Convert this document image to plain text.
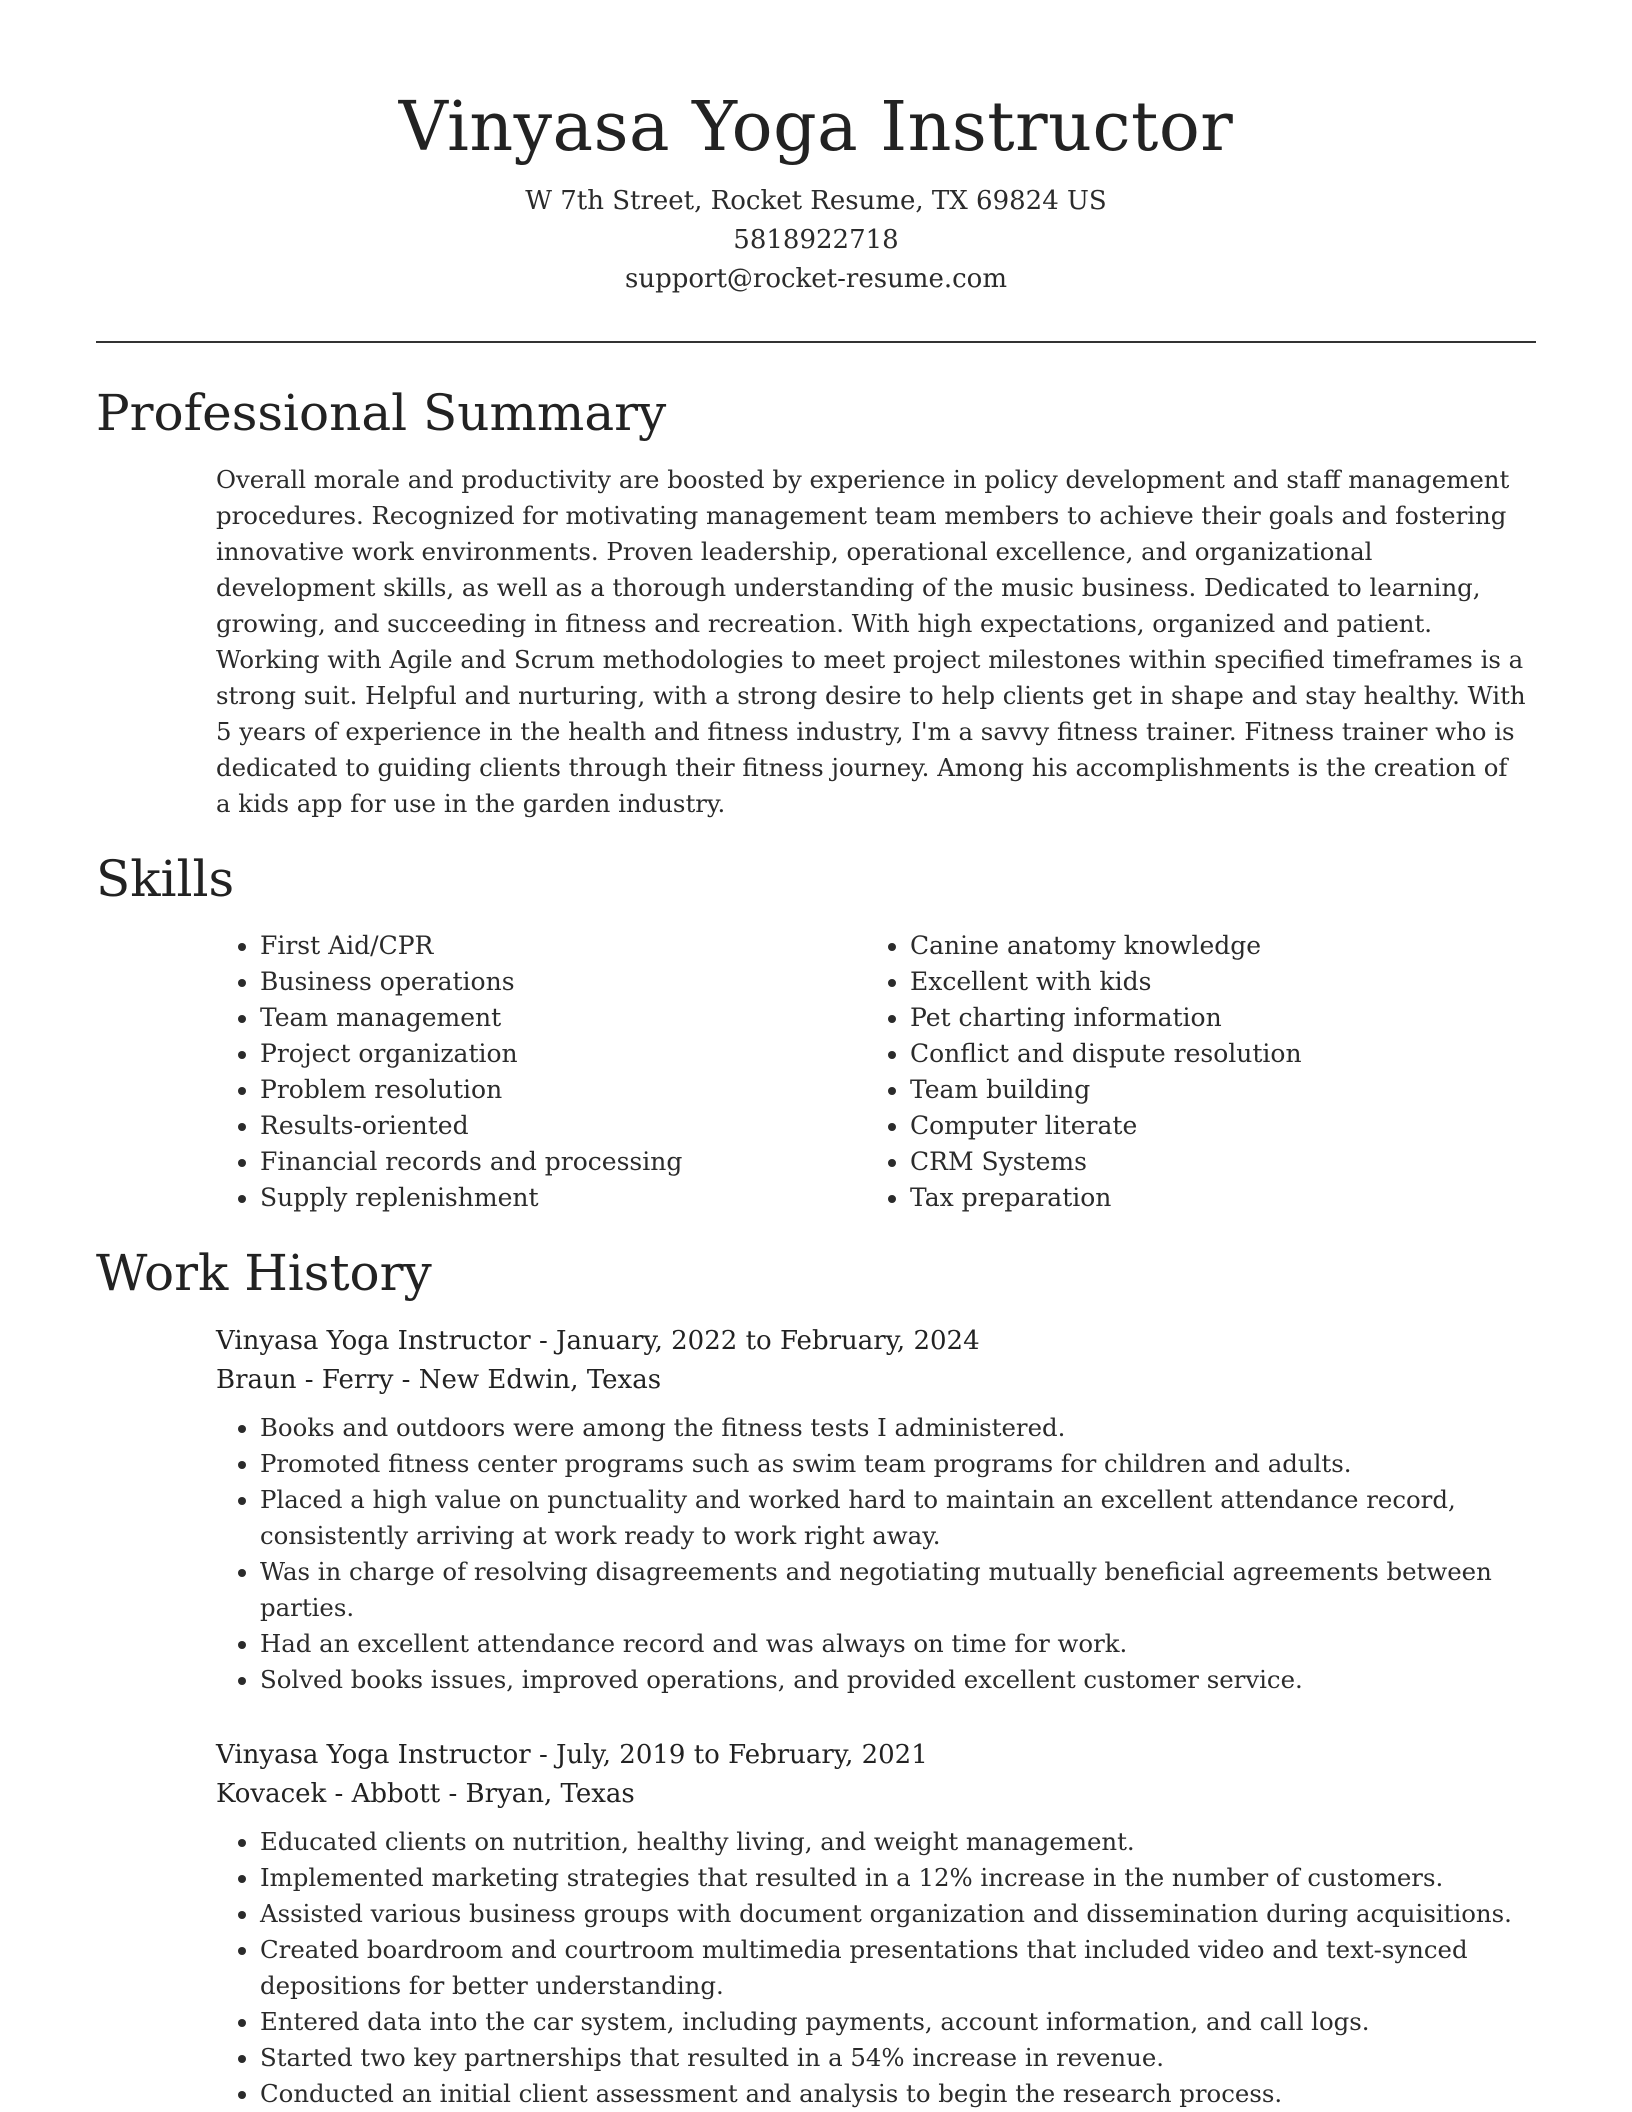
Vinyasa Yoga Instructor
W 7th Street, Rocket Resume, TX 69824 US
5818922718
support@rocket-resume.com
Professional Summary

Overall morale and productivity are boosted by experience in policy development and staff management procedures. Recognized for motivating management team members to achieve their goals and fostering innovative work environments. Proven leadership, operational excellence, and organizational development skills, as well as a thorough understanding of the music business. Dedicated to learning, growing, and succeeding in fitness and recreation. With high expectations, organized and patient. Working with Agile and Scrum methodologies to meet project milestones within specified timeframes is a strong suit. Helpful and nurturing, with a strong desire to help clients get in shape and stay healthy. With 5 years of experience in the health and fitness industry, I'm a savvy fitness trainer. Fitness trainer who is dedicated to guiding clients through their fitness journey. Among his accomplishments is the creation of a kids app for use in the garden industry.

Skills
• First Aid/CPR
• Business operations
• Team management
• Project organization
• Problem resolution
• Results-oriented
• Financial records and processing
• Supply replenishment
• Canine anatomy knowledge
• Excellent with kids
• Pet charting information
• Conflict and dispute resolution
• Team building
• Computer literate
• CRM Systems
• Tax preparation
Work History
Vinyasa Yoga Instructor - January, 2022 to February, 2024
Braun - Ferry - New Edwin, Texas
• Books and outdoors were among the fitness tests I administered.
• Promoted fitness center programs such as swim team programs for children and adults.
• Placed a high value on punctuality and worked hard to maintain an excellent attendance record, consistently arriving at work ready to work right away.
• Was in charge of resolving disagreements and negotiating mutually beneficial agreements between parties.
• Had an excellent attendance record and was always on time for work.
• Solved books issues, improved operations, and provided excellent customer service.
Vinyasa Yoga Instructor - July, 2019 to February, 2021
Kovacek - Abbott - Bryan, Texas
• Educated clients on nutrition, healthy living, and weight management.
• Implemented marketing strategies that resulted in a 12% increase in the number of customers.
• Assisted various business groups with document organization and dissemination during acquisitions.
• Created boardroom and courtroom multimedia presentations that included video and text-synced depositions for better understanding.
• Entered data into the car system, including payments, account information, and call logs.
• Started two key partnerships that resulted in a 54% increase in revenue.
• Conducted an initial client assessment and analysis to begin the research process.
